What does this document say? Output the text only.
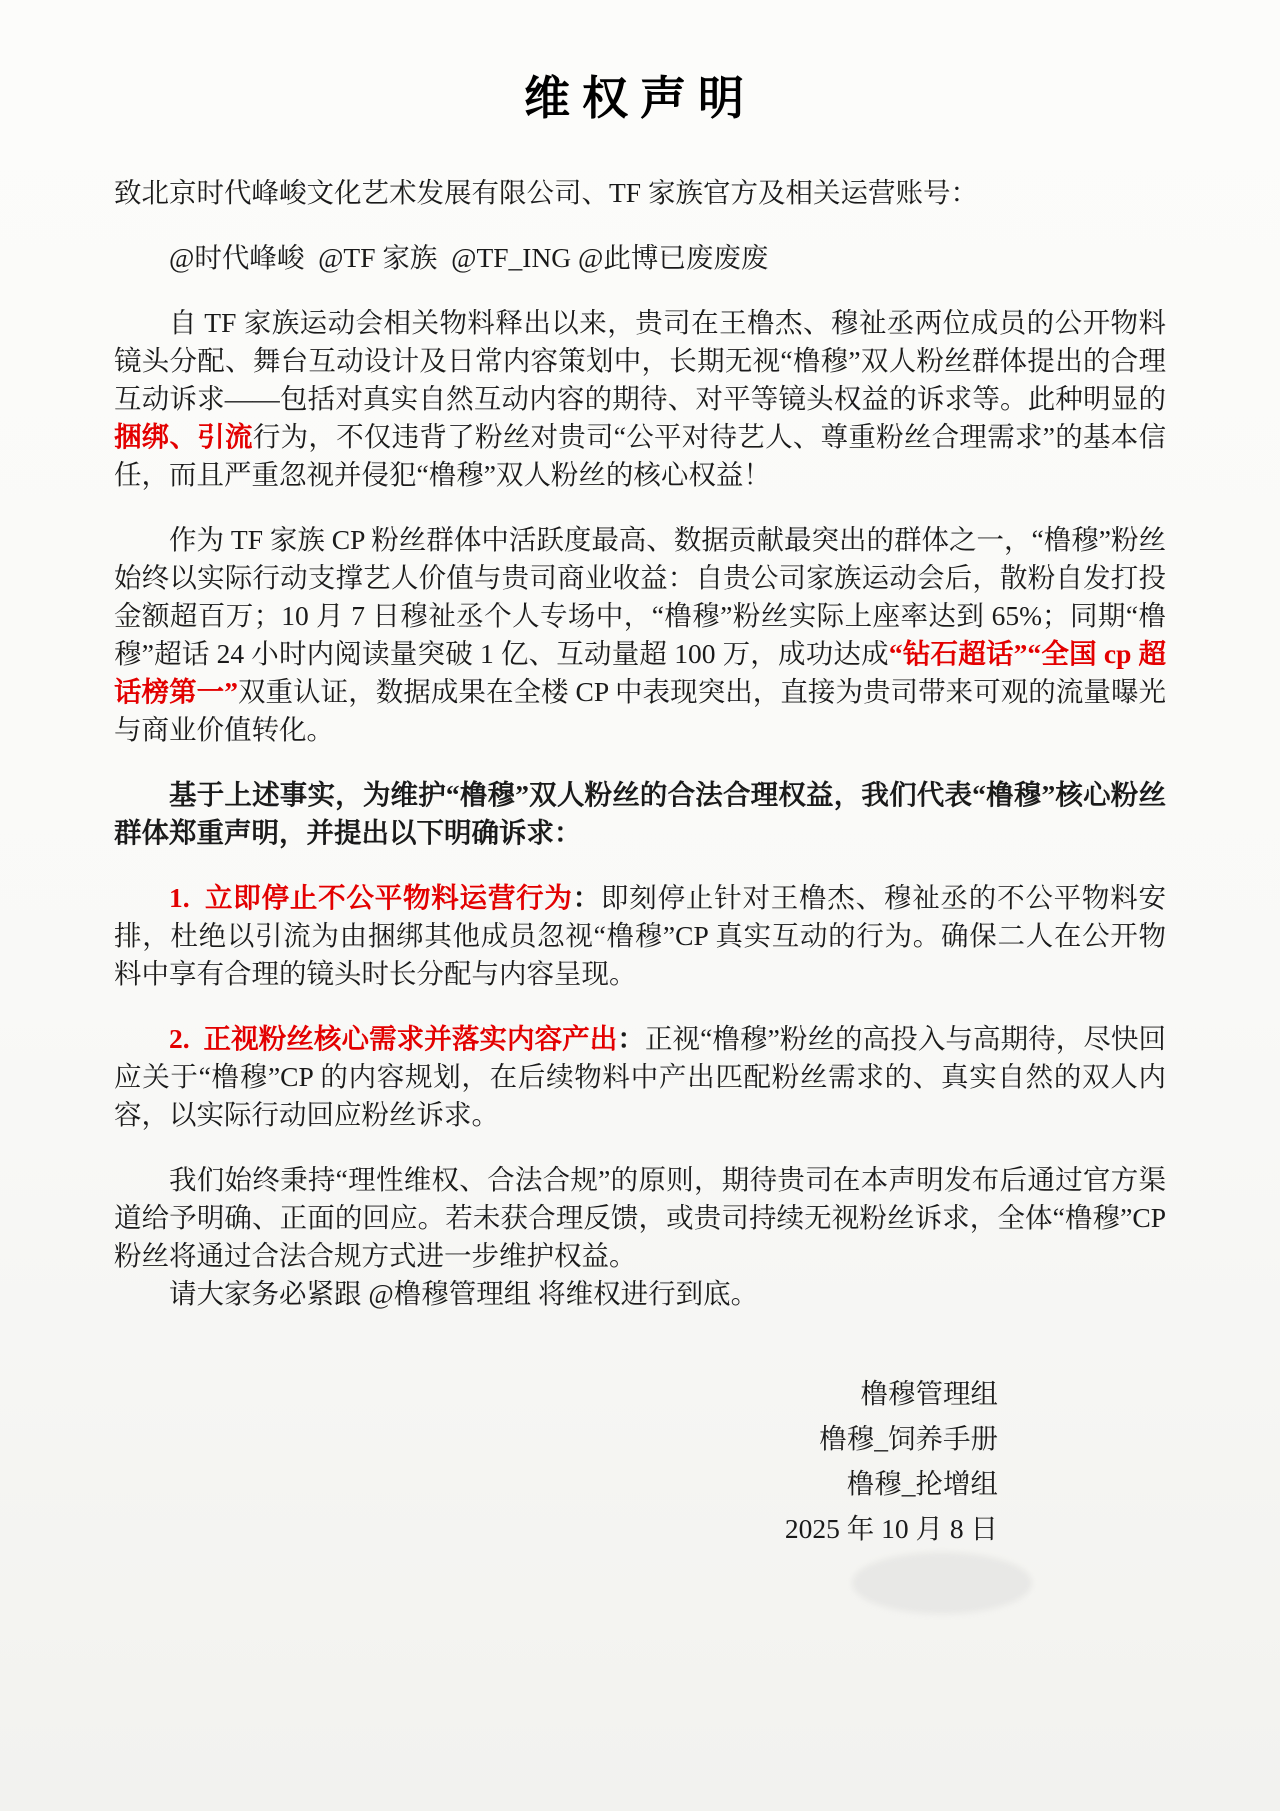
维权声明

致北京时代峰峻文化艺术发展有限公司、TF 家族官方及相关运营账号：

@时代峰峻  @TF 家族  @TF_ING @此博已废废废

自 TF 家族运动会相关物料释出以来，贵司在王橹杰、穆祉丞两位成员的公开物料镜头分配、舞台互动设计及日常内容策划中，长期无视“橹穆”双人粉丝群体提出的合理互动诉求——包括对真实自然互动内容的期待、对平等镜头权益的诉求等。此种明显的捆绑、引流行为，不仅违背了粉丝对贵司“公平对待艺人、尊重粉丝合理需求”的基本信任，而且严重忽视并侵犯“橹穆”双人粉丝的核心权益！

作为 TF 家族 CP 粉丝群体中活跃度最高、数据贡献最突出的群体之一，“橹穆”粉丝始终以实际行动支撑艺人价值与贵司商业收益：自贵公司家族运动会后，散粉自发打投金额超百万；10 月 7 日穆祉丞个人专场中，“橹穆”粉丝实际上座率达到 65%；同期“橹穆”超话 24 小时内阅读量突破 1 亿、互动量超 100 万，成功达成“钻石超话”“全国 cp 超话榜第一”双重认证，数据成果在全楼 CP 中表现突出，直接为贵司带来可观的流量曝光与商业价值转化。

基于上述事实，为维护“橹穆”双人粉丝的合法合理权益，我们代表“橹穆”核心粉丝群体郑重声明，并提出以下明确诉求：

1.  立即停止不公平物料运营行为：即刻停止针对王橹杰、穆祉丞的不公平物料安排，杜绝以引流为由捆绑其他成员忽视“橹穆”CP 真实互动的行为。确保二人在公开物料中享有合理的镜头时长分配与内容呈现。

2.  正视粉丝核心需求并落实内容产出：正视“橹穆”粉丝的高投入与高期待，尽快回应关于“橹穆”CP 的内容规划，在后续物料中产出匹配粉丝需求的、真实自然的双人内容，以实际行动回应粉丝诉求。

我们始终秉持“理性维权、合法合规”的原则，期待贵司在本声明发布后通过官方渠道给予明确、正面的回应。若未获合理反馈，或贵司持续无视粉丝诉求，全体“橹穆”CP 粉丝将通过合法合规方式进一步维护权益。

请大家务必紧跟 @橹穆管理组 将维权进行到底。

橹穆管理组
橹穆_饲养手册
橹穆_抡增组
2025 年 10 月 8 日
